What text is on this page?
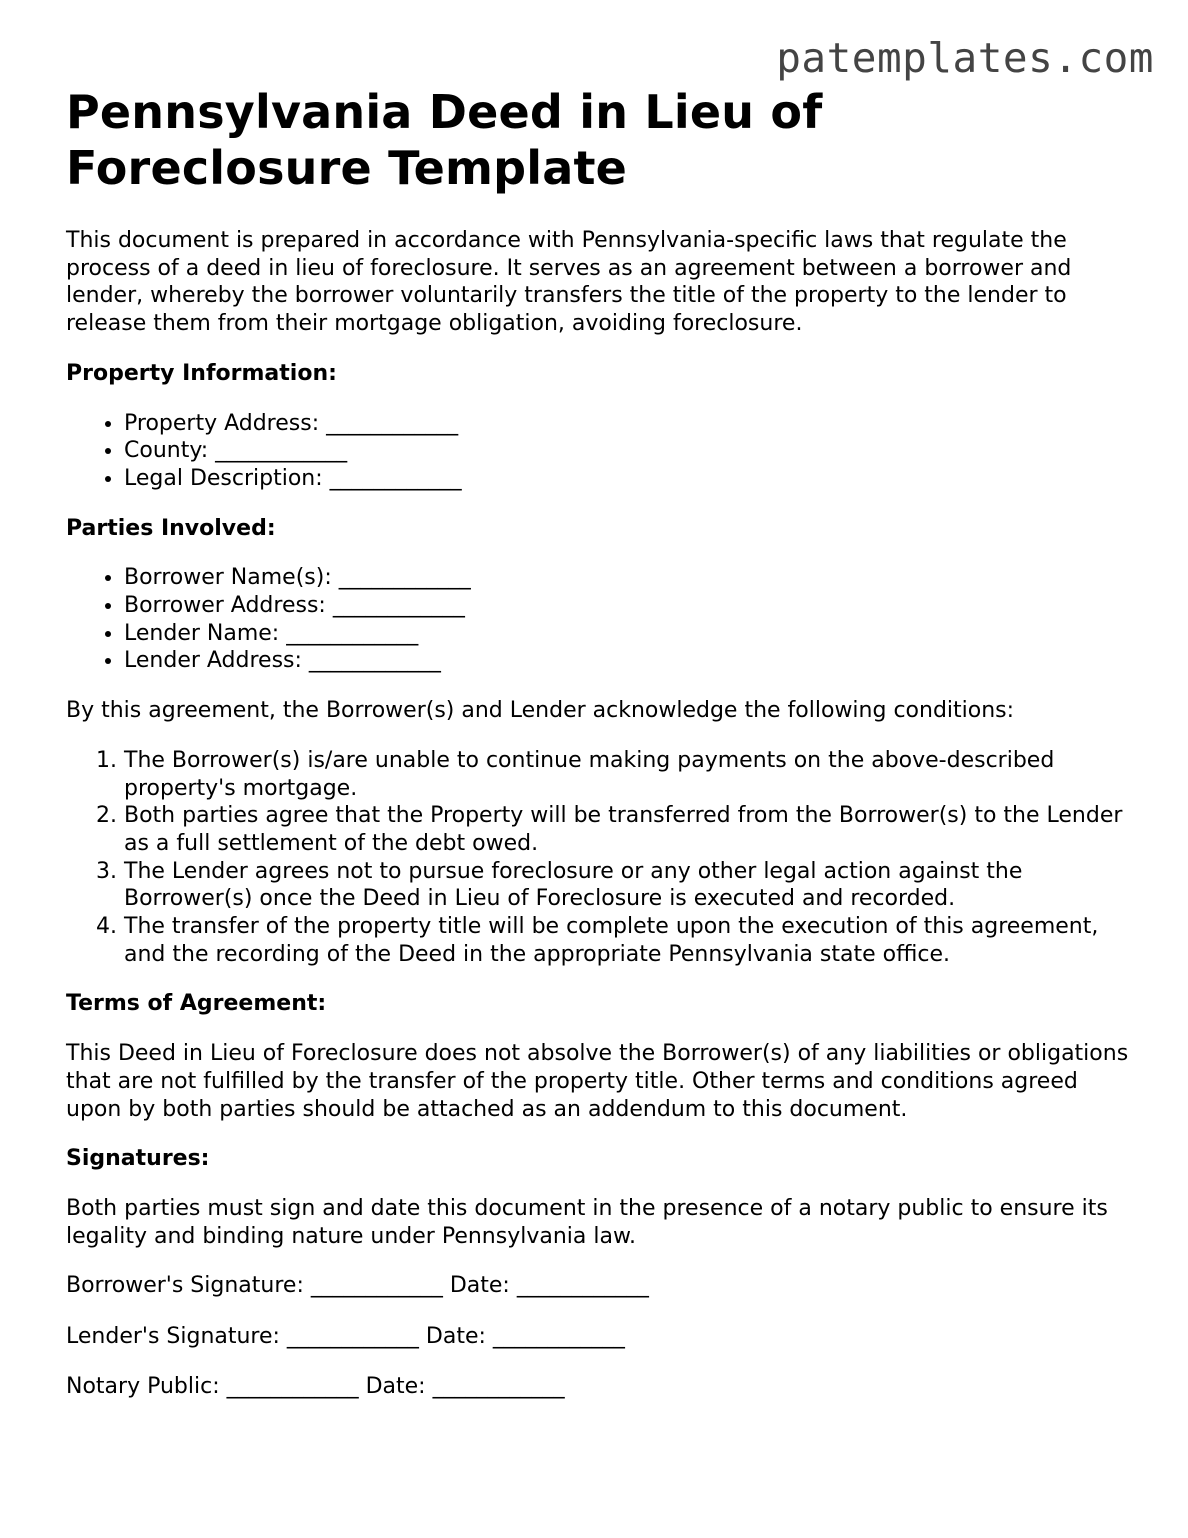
patemplates.com
Pennsylvania Deed in Lieu of
Foreclosure Template

This document is prepared in accordance with Pennsylvania-specific laws that regulate the process of a deed in lieu of foreclosure. It serves as an agreement between a borrower and lender, whereby the borrower voluntarily transfers the title of the property to the lender to release them from their mortgage obligation, avoiding foreclosure.

Property Information:

• Property Address: ____________
• County: ____________
• Legal Description: ____________

Parties Involved:

• Borrower Name(s): ____________
• Borrower Address: ____________
• Lender Name: ____________
• Lender Address: ____________

By this agreement, the Borrower(s) and Lender acknowledge the following conditions:

1. The Borrower(s) is/are unable to continue making payments on the above-described property's mortgage.
2. Both parties agree that the Property will be transferred from the Borrower(s) to the Lender as a full settlement of the debt owed.
3. The Lender agrees not to pursue foreclosure or any other legal action against the Borrower(s) once the Deed in Lieu of Foreclosure is executed and recorded.
4. The transfer of the property title will be complete upon the execution of this agreement, and the recording of the Deed in the appropriate Pennsylvania state office.

Terms of Agreement:

This Deed in Lieu of Foreclosure does not absolve the Borrower(s) of any liabilities or obligations that are not fulfilled by the transfer of the property title. Other terms and conditions agreed upon by both parties should be attached as an addendum to this document.

Signatures:

Both parties must sign and date this document in the presence of a notary public to ensure its legality and binding nature under Pennsylvania law.

Borrower's Signature: ____________ Date: ____________

Lender's Signature: ____________ Date: ____________

Notary Public: ____________ Date: ____________
